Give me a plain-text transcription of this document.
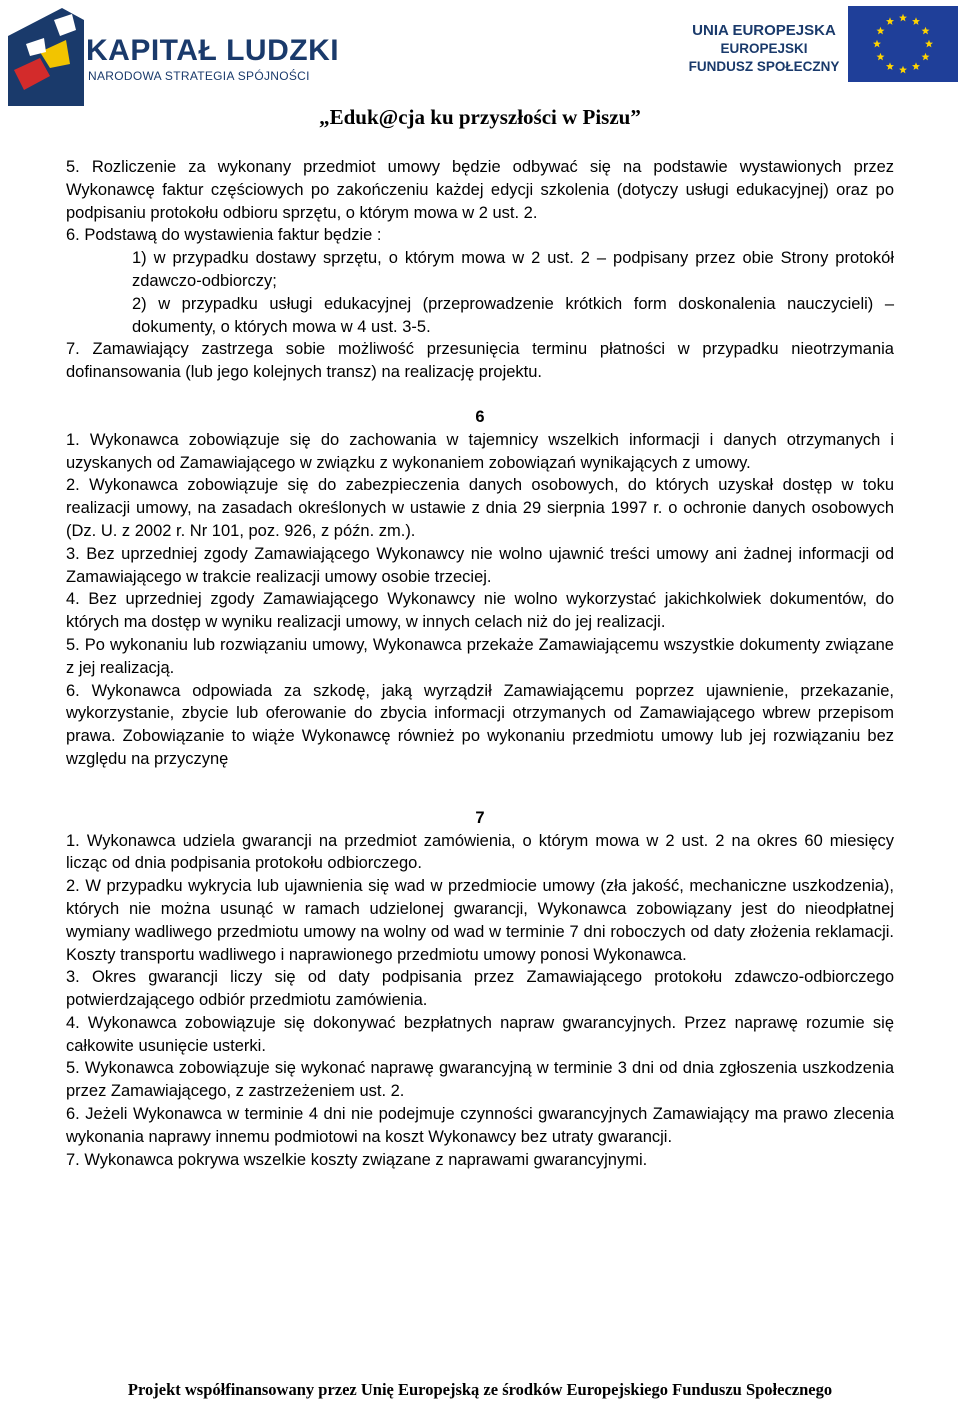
KAPITAŁ LUDZKI
NARODOWA STRATEGIA SPÓJNOŚCI
UNIA EUROPEJSKA
EUROPEJSKI
FUNDUSZ SPOŁECZNY
„Eduk@cja ku przyszłości w Piszu”

5. Rozliczenie za wykonany przedmiot umowy będzie odbywać się na podstawie wystawionych przez Wykonawcę faktur częściowych po zakończeniu każdej edycji szkolenia (dotyczy usługi edukacyjnej) oraz po podpisaniu protokołu odbioru sprzętu, o którym mowa w 2 ust. 2.

6. Podstawą do wystawienia faktur będzie :

1) w przypadku dostawy sprzętu, o którym mowa w 2 ust. 2 – podpisany przez obie Strony protokół zdawczo-odbiorczy;

2) w przypadku usługi edukacyjnej (przeprowadzenie krótkich form doskonalenia nauczycieli) – dokumenty, o których mowa w 4 ust. 3-5.

7. Zamawiający zastrzega sobie możliwość przesunięcia terminu płatności w przypadku nieotrzymania dofinansowania (lub jego kolejnych transz) na realizację projektu.

6

1. Wykonawca zobowiązuje się do zachowania w tajemnicy wszelkich informacji i danych otrzymanych i uzyskanych od Zamawiającego w związku z wykonaniem zobowiązań wynikających z umowy.

2. Wykonawca zobowiązuje się do zabezpieczenia danych osobowych, do których uzyskał dostęp w toku realizacji umowy, na zasadach określonych w ustawie z dnia 29 sierpnia 1997 r. o ochronie danych osobowych (Dz. U. z 2002 r. Nr 101, poz. 926, z późn. zm.).

3. Bez uprzedniej zgody Zamawiającego Wykonawcy nie wolno ujawnić treści umowy ani żadnej informacji od Zamawiającego w trakcie realizacji umowy osobie trzeciej.

4. Bez uprzedniej zgody Zamawiającego Wykonawcy nie wolno wykorzystać jakichkolwiek dokumentów, do których ma dostęp w wyniku realizacji umowy, w innych celach niż do jej realizacji.

5. Po wykonaniu lub rozwiązaniu umowy, Wykonawca przekaże Zamawiającemu wszystkie dokumenty związane z jej realizacją.

6. Wykonawca odpowiada za szkodę, jaką wyrządził Zamawiającemu poprzez ujawnienie, przekazanie, wykorzystanie, zbycie lub oferowanie do zbycia informacji otrzymanych od Zamawiającego wbrew przepisom prawa. Zobowiązanie to wiąże Wykonawcę również po wykonaniu przedmiotu umowy lub jej rozwiązaniu bez względu na przyczynę

7

1. Wykonawca udziela gwarancji na przedmiot zamówienia, o którym mowa w 2 ust. 2 na okres 60 miesięcy licząc od dnia podpisania protokołu odbiorczego.

2. W przypadku wykrycia lub ujawnienia się wad w przedmiocie umowy (zła jakość, mechaniczne uszkodzenia), których nie można usunąć w ramach udzielonej gwarancji, Wykonawca zobowiązany jest do nieodpłatnej wymiany wadliwego przedmiotu umowy na wolny od wad w terminie 7 dni roboczych od daty złożenia reklamacji. Koszty transportu wadliwego i naprawionego przedmiotu umowy ponosi Wykonawca.

3. Okres gwarancji liczy się od daty podpisania przez Zamawiającego protokołu zdawczo-odbiorczego potwierdzającego odbiór przedmiotu zamówienia.

4. Wykonawca zobowiązuje się dokonywać bezpłatnych napraw gwarancyjnych. Przez naprawę rozumie się całkowite usunięcie usterki.

5. Wykonawca zobowiązuje się wykonać naprawę gwarancyjną w terminie 3 dni od dnia zgłoszenia uszkodzenia przez Zamawiającego, z zastrzeżeniem ust. 2.

6. Jeżeli Wykonawca w terminie 4 dni nie podejmuje czynności gwarancyjnych Zamawiający ma prawo zlecenia wykonania naprawy innemu podmiotowi na koszt Wykonawcy bez utraty gwarancji.

7. Wykonawca pokrywa wszelkie koszty związane z naprawami gwarancyjnymi.

Projekt współfinansowany przez Unię Europejską ze środków Europejskiego Funduszu Społecznego
